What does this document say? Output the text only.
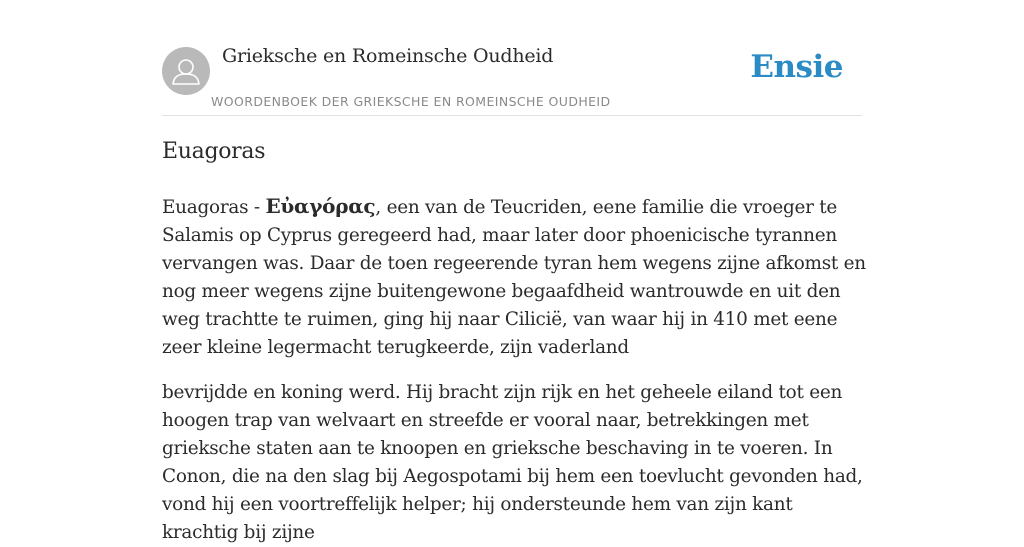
Grieksche en Romeinsche Oudheid
WOORDENBOEK DER GRIEKSCHE EN ROMEINSCHE OUDHEID
Ensie
Euagoras

Euagoras - Εὐαγόρας, een van de Teucriden, eene familie die vroeger te Salamis op Cyprus geregeerd had, maar later door phoenicische tyrannen vervangen was. Daar de toen regeerende tyran hem wegens zijne afkomst en nog meer wegens zijne buitengewone begaafdheid wantrouwde en uit den weg trachtte te ruimen, ging hij naar Cilicië, van waar hij in 410 met eene zeer kleine legermacht terugkeerde, zijn vaderland

bevrijdde en koning werd. Hij bracht zijn rijk en het geheele eiland tot een hoogen trap van welvaart en streefde er vooral naar, betrekkingen met grieksche staten aan te knoopen en grieksche beschaving in te voeren. In Conon, die na den slag bij Aegospotami bij hem een toevlucht gevonden had, vond hij een voortreffelijk helper; hij ondersteunde hem van zijn kant krachtig bij zijne
